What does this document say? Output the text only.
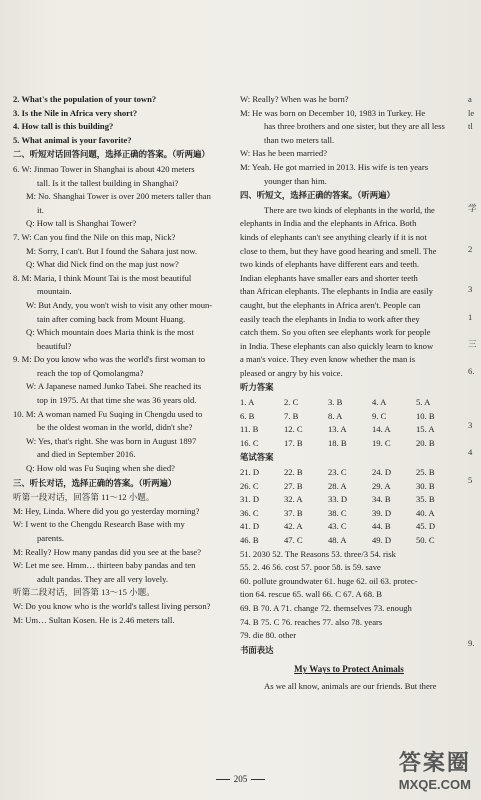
2. What's the population of your town?

3. Is the Nile in Africa very short?

4. How tall is this building?

5. What animal is your favorite?

二、听短对话回答问题，选择正确的答案。（听两遍）

6. W: Jinmao Tower in Shanghai is about 420 meters

tall. Is it the tallest building in Shanghai?

M: No. Shanghai Tower is over 200 meters taller than

it.

Q: How tall is Shanghai Tower?

7. W: Can you find the Nile on this map, Nick?

M: Sorry, I can't. But I found the Sahara just now.

Q: What did Nick find on the map just now?

8. M: Maria, I think Mount Tai is the most beautiful

mountain.

W: But Andy, you won't wish to visit any other moun-

tain after coming back from Mount Huang.

Q: Which mountain does Maria think is the most

beautiful?

9. M: Do you know who was the world's first woman to

reach the top of Qomolangma?

W: A Japanese named Junko Tabei. She reached its

top in 1975. At that time she was 36 years old.

10. M: A woman named Fu Suqing in Chengdu used to

be the oldest woman in the world, didn't she?

W: Yes, that's right. She was born in August 1897

and died in September 2016.

Q: How old was Fu Suqing when she died?

三、听长对话，选择正确的答案。（听两遍）

听第一段对话，回答第 11～12 小题。

M: Hey, Linda. Where did you go yesterday morning?

W: I went to the Chengdu Research Base with my

parents.

M: Really? How many pandas did you see at the base?

W: Let me see. Hmm… thirteen baby pandas and ten

adult pandas. They are all very lovely.

听第二段对话，回答第 13～15 小题。

W: Do you know who is the world's tallest living person?

M: Um… Sultan Kosen. He is 2.46 meters tall.

W: Really? When was he born?

M: He was born on December 10, 1983 in Turkey. He

has three brothers and one sister, but they are all less

than two meters tall.

W: Has he been married?

M: Yeah. He got married in 2013. His wife is ten years

younger than him.

四、听短文，选择正确的答案。（听两遍）

There are two kinds of elephants in the world, the

elephants in India and the elephants in Africa. Both

kinds of elephants can't see anything clearly if it is not

close to them, but they have good hearing and smell. The

two kinds of elephants have different ears and teeth.

Indian elephants have smaller ears and shorter teeth

than African elephants. The elephants in India are easily

caught, but the elephants in Africa aren't. People can

easily teach the elephants in India to work after they

catch them. So you often see elephants work for people

in India. These elephants can also quickly learn to know

a man's voice. They even know whether the man is

pleased or angry by his voice.

听力答案

1. A	2. C	3. B	4. A	5. A
6. B	7. B	8. A	9. C	10. B
11. B	12. C	13. A	14. A	15. A
16. C	17. B	18. B	19. C	20. B

笔试答案

21. D	22. B	23. C	24. D	25. B
26. C	27. B	28. A	29. A	30. B
31. D	32. A	33. D	34. B	35. B
36. C	37. B	38. C	39. D	40. A
41. D	42. A	43. C	44. B	45. D
46. B	47. C	48. A	49. D	50. C

51. 2030 52. The Reasons 53. three/3 54. risk

55. 2. 46 56. cost 57. poor 58. is 59. save

60. pollute groundwater 61. huge 62. oil 63. protec-

tion 64. rescue 65. wall 66. C 67. A 68. B

69. B 70. A 71. change 72. themselves 73. enough

74. B 75. C 76. reaches 77. also 78. years

79. die 80. other

书面表达

My Ways to Protect Animals

As we all know, animals are our friends. But there

a
le
tl
学
2
3
1
三
6.
3
4
5
9.
205
答案圈
MXQE.COM
